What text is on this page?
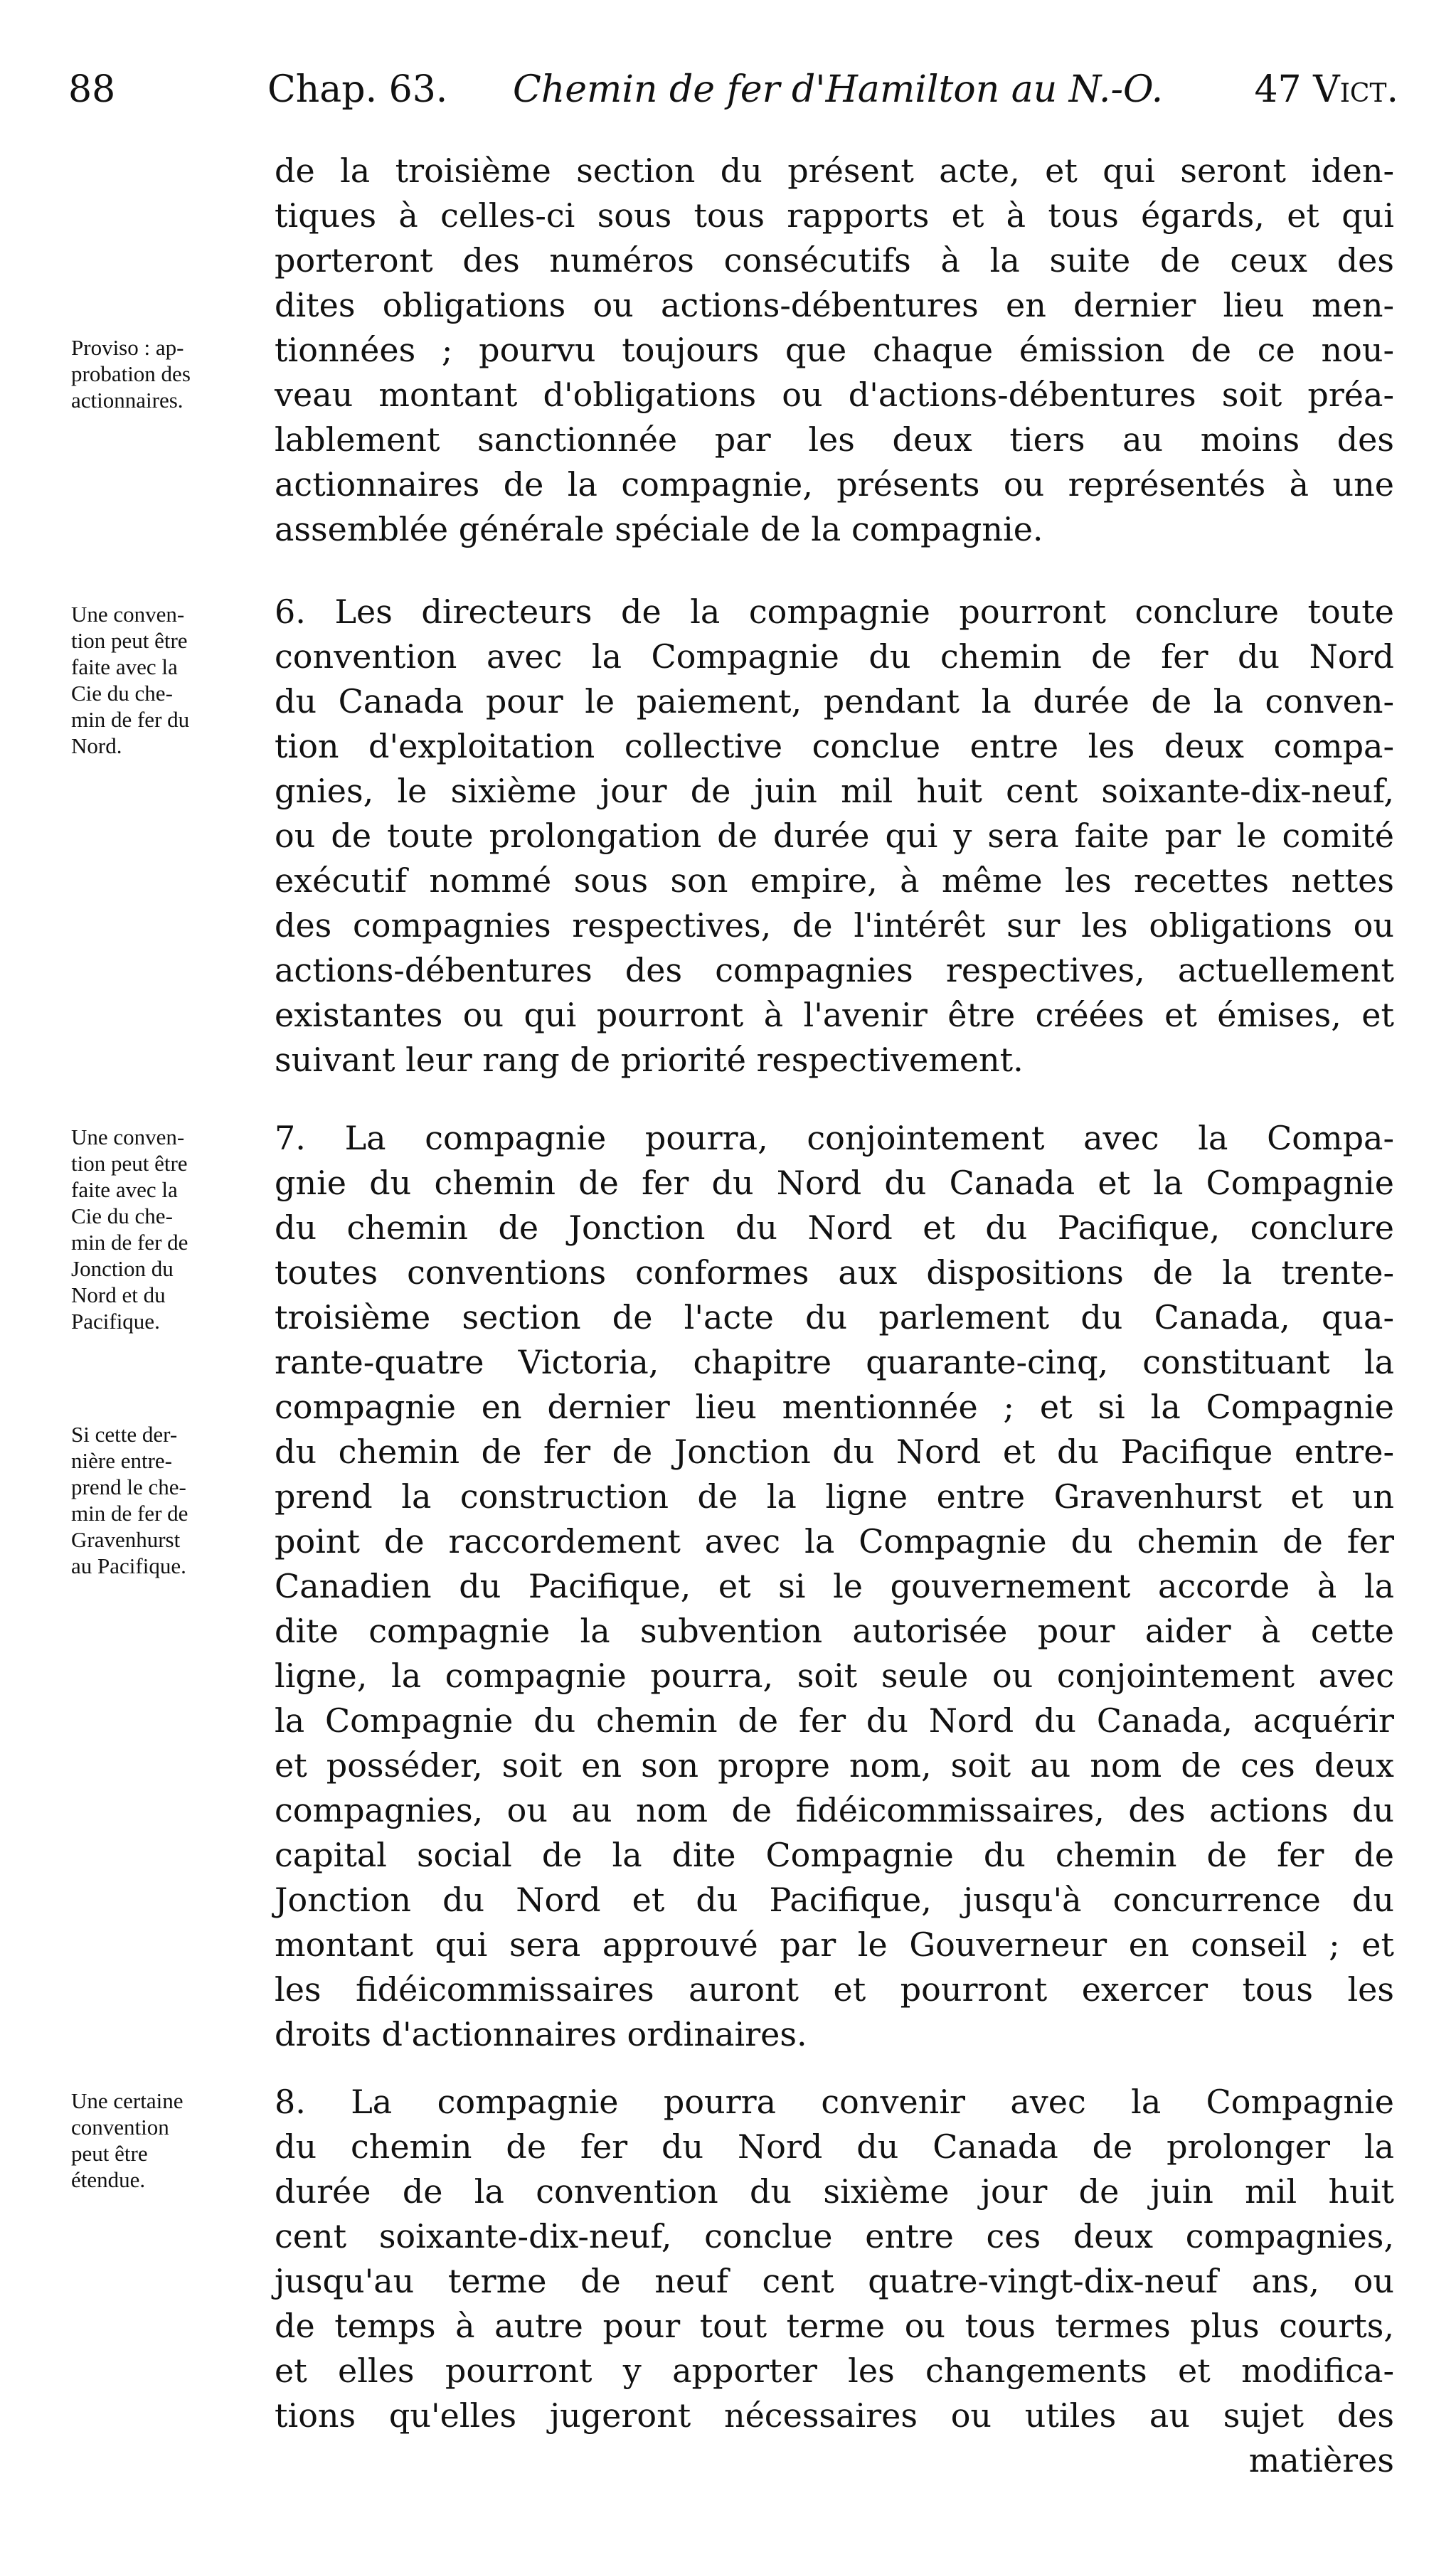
88	Chap. 63. Chemin de fer d'Hamilton au N.-O. 47 Vict.
Proviso : ap-
probation des
actionnaires.
Une conven-
tion peut être
faite avec la
Cie du che-
min de fer du
Nord.
Une conven-
tion peut être
faite avec la
Cie du che-
min de fer de
Jonction du
Nord et du
Pacifique.
Si cette der-
nière entre-
prend le che-
min de fer de
Gravenhurst
au Pacifique.
Une certaine
convention
peut être
étendue.
de la troisième section du présent acte, et qui seront iden-
tiques à celles-ci sous tous rapports et à tous égards, et qui
porteront des numéros consécutifs à la suite de ceux des
dites obligations ou actions-débentures en dernier lieu men-
tionnées ; pourvu toujours que chaque émission de ce nou-
veau montant d'obligations ou d'actions-débentures soit préa-
lablement sanctionnée par les deux tiers au moins des
actionnaires de la compagnie, présents ou représentés à une
assemblée générale spéciale de la compagnie.
6. Les directeurs de la compagnie pourront conclure toute
convention avec la Compagnie du chemin de fer du Nord
du Canada pour le paiement, pendant la durée de la conven-
tion d'exploitation collective conclue entre les deux compa-
gnies, le sixième jour de juin mil huit cent soixante-dix-neuf,
ou de toute prolongation de durée qui y sera faite par le comité
exécutif nommé sous son empire, à même les recettes nettes
des compagnies respectives, de l'intérêt sur les obligations ou
actions-débentures des compagnies respectives, actuellement
existantes ou qui pourront à l'avenir être créées et émises, et
suivant leur rang de priorité respectivement.
7. La compagnie pourra, conjointement avec la Compa-
gnie du chemin de fer du Nord du Canada et la Compagnie
du chemin de Jonction du Nord et du Pacifique, conclure
toutes conventions conformes aux dispositions de la trente-
troisième section de l'acte du parlement du Canada, qua-
rante-quatre Victoria, chapitre quarante-cinq, constituant la
compagnie en dernier lieu mentionnée ; et si la Compagnie
du chemin de fer de Jonction du Nord et du Pacifique entre-
prend la construction de la ligne entre Gravenhurst et un
point de raccordement avec la Compagnie du chemin de fer
Canadien du Pacifique, et si le gouvernement accorde à la
dite compagnie la subvention autorisée pour aider à cette
ligne, la compagnie pourra, soit seule ou conjointement avec
la Compagnie du chemin de fer du Nord du Canada, acquérir
et posséder, soit en son propre nom, soit au nom de ces deux
compagnies, ou au nom de fidéicommissaires, des actions du
capital social de la dite Compagnie du chemin de fer de
Jonction du Nord et du Pacifique, jusqu'à concurrence du
montant qui sera approuvé par le Gouverneur en conseil ; et
les fidéicommissaires auront et pourront exercer tous les
droits d'actionnaires ordinaires.
8. La compagnie pourra convenir avec la Compagnie
du chemin de fer du Nord du Canada de prolonger la
durée de la convention du sixième jour de juin mil huit
cent soixante-dix-neuf, conclue entre ces deux compagnies,
jusqu'au terme de neuf cent quatre-vingt-dix-neuf ans, ou
de temps à autre pour tout terme ou tous termes plus courts,
et elles pourront y apporter les changements et modifica-
tions qu'elles jugeront nécessaires ou utiles au sujet des
matières
